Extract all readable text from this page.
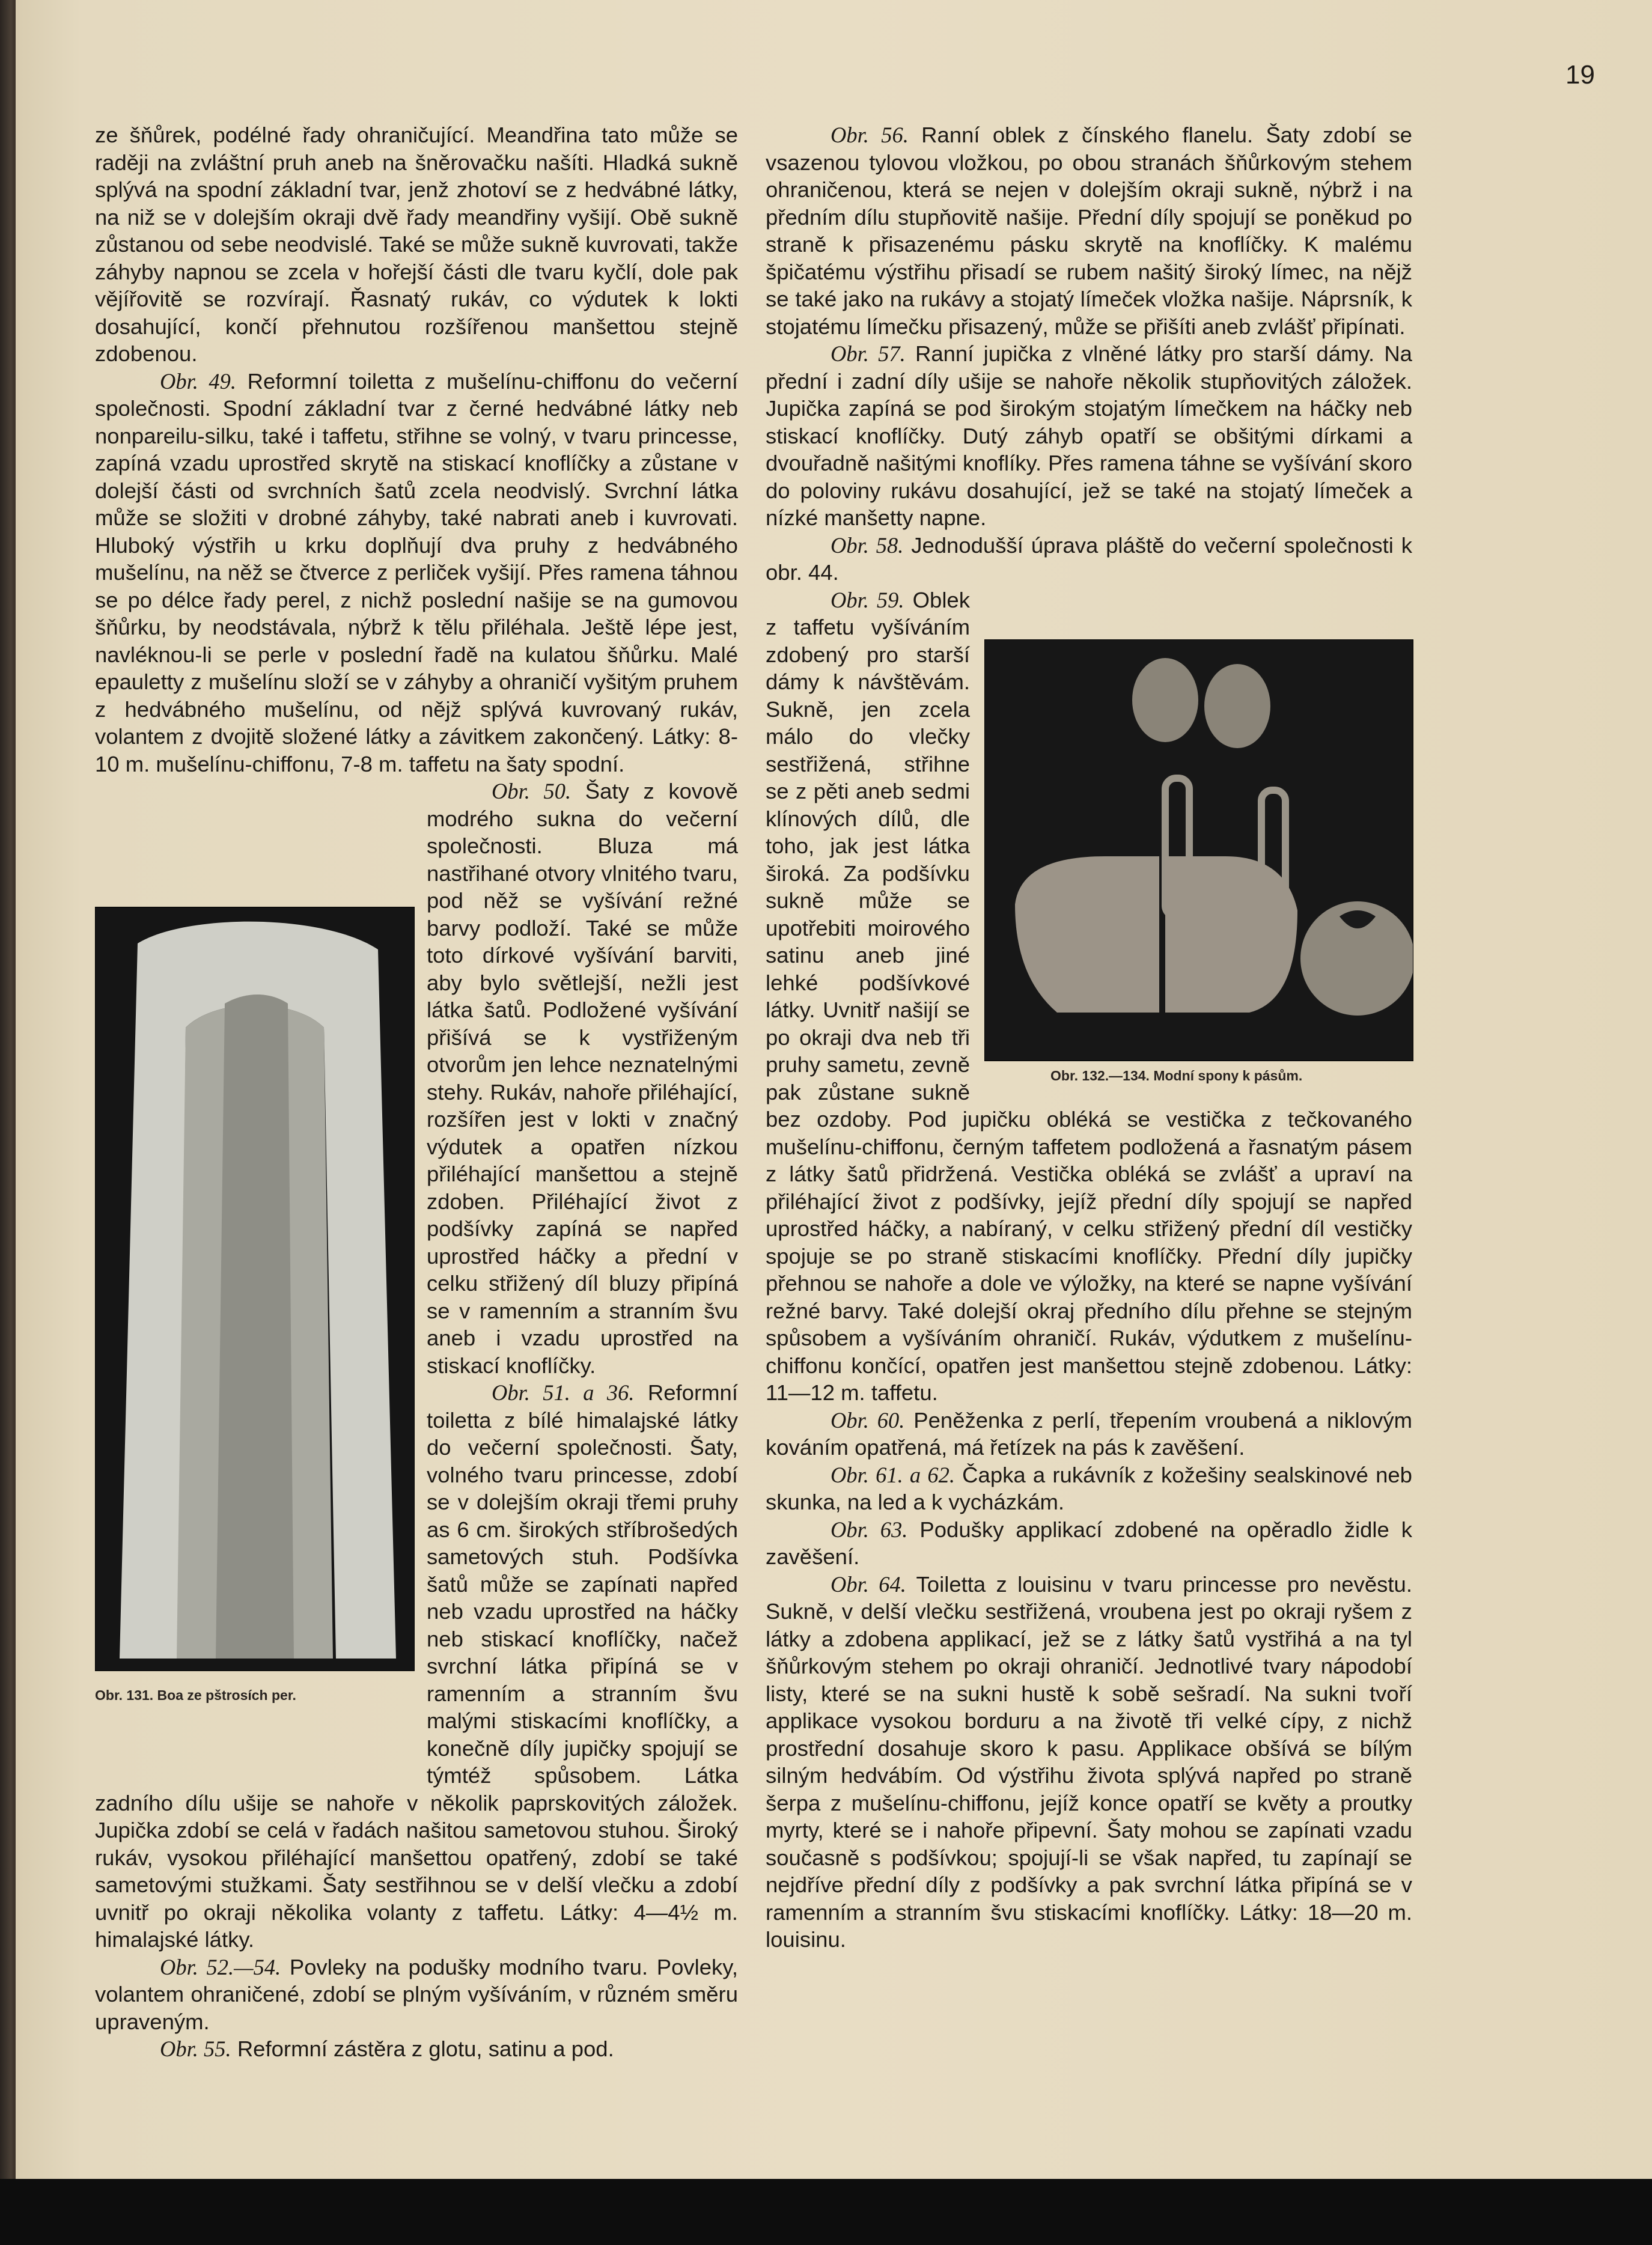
19

ze šňůrek, podélné řady ohraničující. Meandřina tato může se raději na zvláštní pruh aneb na šněrovačku našíti. Hladká sukně splývá na spodní základní tvar, jenž zhotoví se z hedvábné látky, na niž se v dolejším okraji dvě řady meandřiny vyšijí. Obě sukně zůstanou od sebe neodvislé. Také se může sukně kuvrovati, takže záhyby napnou se zcela v hořejší části dle tvaru kyčlí, dole pak vějířovitě se rozvírají. Řasnatý rukáv, co výdutek k lokti dosahující, končí přehnutou rozšířenou manšettou stejně zdobenou.

Obr. 49. Reformní toiletta z mušelínu-chiffonu do večerní společnosti. Spodní základní tvar z černé hedvábné látky neb nonpareilu-silku, také i taffetu, střihne se volný, v tvaru princesse, zapíná vzadu uprostřed skrytě na stiskací knoflíčky a zůstane v dolejší části od svrchních šatů zcela neodvislý. Svrchní látka může se složiti v drobné záhyby, také nabrati aneb i kuvrovati. Hluboký výstřih u krku doplňují dva pruhy z hedvábného mušelínu, na něž se čtverce z perliček vyšijí. Přes ramena táhnou se po délce řady perel, z nichž poslední našije se na gumovou šňůrku, by neodstávala, nýbrž k tělu přiléhala. Ještě lépe jest, navléknou-li se perle v poslední řadě na kulatou šňůrku. Malé epauletty z mušelínu složí se v záhyby a ohraničí vyšitým pruhem z hedvábného mušelínu, od nějž splývá kuvrovaný rukáv, volantem z dvojitě složené látky a závitkem zakončený. Látky: 8-10 m. mušelínu-chiffonu, 7-8 m. taffetu na šaty spodní.

Obr. 131. Boa ze pštrosích per.

Obr. 50. Šaty z kovově modrého sukna do večerní společnosti. Bluza má nastřihané otvory vlnitého tvaru, pod něž se vyšívání režné barvy podloží. Také se může toto dírkové vyšívání barviti, aby bylo světlejší, nežli jest látka šatů. Podložené vyšívání přišívá se k vystřiženým otvorům jen lehce neznatelnými stehy. Rukáv, nahoře přiléhající, rozšířen jest v lokti v značný výdutek a opatřen nízkou přiléhající manšettou a stejně zdoben. Přiléhající život z podšívky zapíná se napřed uprostřed háčky a přední v celku střižený díl bluzy připíná se v ramenním a stranním švu aneb i vzadu uprostřed na stiskací knoflíčky.

Obr. 51. a 36. Reformní toiletta z bílé himalajské látky do večerní společnosti. Šaty, volného tvaru princesse, zdobí se v dolejším okraji třemi pruhy as 6 cm. širokých stříbrošedých sametových stuh. Podšívka šatů může se zapínati napřed neb vzadu uprostřed na háčky neb stiskací knoflíčky, načež svrchní látka připíná se v ramenním a stranním švu malými stiskacími knoflíčky, a konečně díly jupičky spojují se týmtéž spůsobem. Látka zadního dílu ušije se nahoře v několik paprskovitých záložek. Jupička zdobí se celá v řadách našitou sametovou stuhou. Široký rukáv, vysokou přiléhající manšettou opatřený, zdobí se také sametovými stužkami. Šaty sestřihnou se v delší vlečku a zdobí uvnitř po okraji několika volanty z taffetu. Látky: 4—4½ m. himalajské látky.

Obr. 52.—54. Povleky na podušky modního tvaru. Povleky, volantem ohraničené, zdobí se plným vyšíváním, v různém směru upraveným.

Obr. 55. Reformní zástěra z glotu, satinu a pod.

Obr. 56. Ranní oblek z čínského flanelu. Šaty zdobí se vsazenou tylovou vložkou, po obou stranách šňůrkovým stehem ohraničenou, která se nejen v dolejším okraji sukně, nýbrž i na předním dílu stupňovitě našije. Přední díly spojují se poněkud po straně k přisazenému pásku skrytě na knoflíčky. K malému špičatému výstřihu přisadí se rubem našitý široký límec, na nějž se také jako na rukávy a stojatý límeček vložka našije. Náprsník, k stojatému límečku přisazený, může se přišíti aneb zvlášť připínati.

Obr. 57. Ranní jupička z vlněné látky pro starší dámy. Na přední i zadní díly ušije se nahoře několik stupňovitých záložek. Jupička zapíná se pod širokým stojatým límečkem na háčky neb stiskací knoflíčky. Dutý záhyb opatří se obšitými dírkami a dvouřadně našitými knoflíky. Přes ramena táhne se vyšívání skoro do poloviny rukávu dosahující, jež se také na stojatý límeček a nízké manšetty napne.

Obr. 58. Jednodušší úprava pláště do večerní společnosti k obr. 44.

Obr. 132.—134. Modní spony k pásům.

Obr. 59. Oblek z taffetu vyšíváním zdobený pro starší dámy k návštěvám. Sukně, jen zcela málo do vlečky sestřižená, střihne se z pěti aneb sedmi klínových dílů, dle toho, jak jest látka široká. Za podšívku sukně může se upotřebiti moirového satinu aneb jiné lehké podšívkové látky. Uvnitř našijí se po okraji dva neb tři pruhy sametu, zevně pak zůstane sukně bez ozdoby. Pod jupičku obléká se vestička z tečkovaného mušelínu-chiffonu, černým taffetem podložená a řasnatým pásem z látky šatů přidržená. Vestička obléká se zvlášť a upraví na přiléhající život z podšívky, jejíž přední díly spojují se napřed uprostřed háčky, a nabíraný, v celku střižený přední díl vestičky spojuje se po straně stiskacími knoflíčky. Přední díly jupičky přehnou se nahoře a dole ve výložky, na které se napne vyšívání režné barvy. Také dolejší okraj předního dílu přehne se stejným spůsobem a vyšíváním ohraničí. Rukáv, výdutkem z mušelínu-chiffonu končící, opatřen jest manšettou stejně zdobenou. Látky: 11—12 m. taffetu.

Obr. 60. Peněženka z perlí, třepením vroubená a niklovým kováním opatřená, má řetízek na pás k zavěšení.

Obr. 61. a 62. Čapka a rukávník z kožešiny sealskinové neb skunka, na led a k vycházkám.

Obr. 63. Podušky applikací zdobené na opěradlo židle k zavěšení.

Obr. 64. Toiletta z louisinu v tvaru princesse pro nevěstu. Sukně, v delší vlečku sestřižená, vroubena jest po okraji ryšem z látky a zdobena applikací, jež se z látky šatů vystřihá a na tyl šňůrkovým stehem po okraji ohraničí. Jednotlivé tvary nápodobí listy, které se na sukni hustě k sobě sešradí. Na sukni tvoří applikace vysokou borduru a na životě tři velké cípy, z nichž prostřední dosahuje skoro k pasu. Applikace obšívá se bílým silným hedvábím. Od výstřihu života splývá napřed po straně šerpa z mušelínu-chiffonu, jejíž konce opatří se květy a proutky myrty, které se i nahoře připevní. Šaty mohou se zapínati vzadu současně s podšívkou; spojují-li se však napřed, tu zapínají se nejdříve přední díly z podšívky a pak svrchní látka připíná se v ramenním a stranním švu stiskacími knoflíčky. Látky: 18—20 m. louisinu.
